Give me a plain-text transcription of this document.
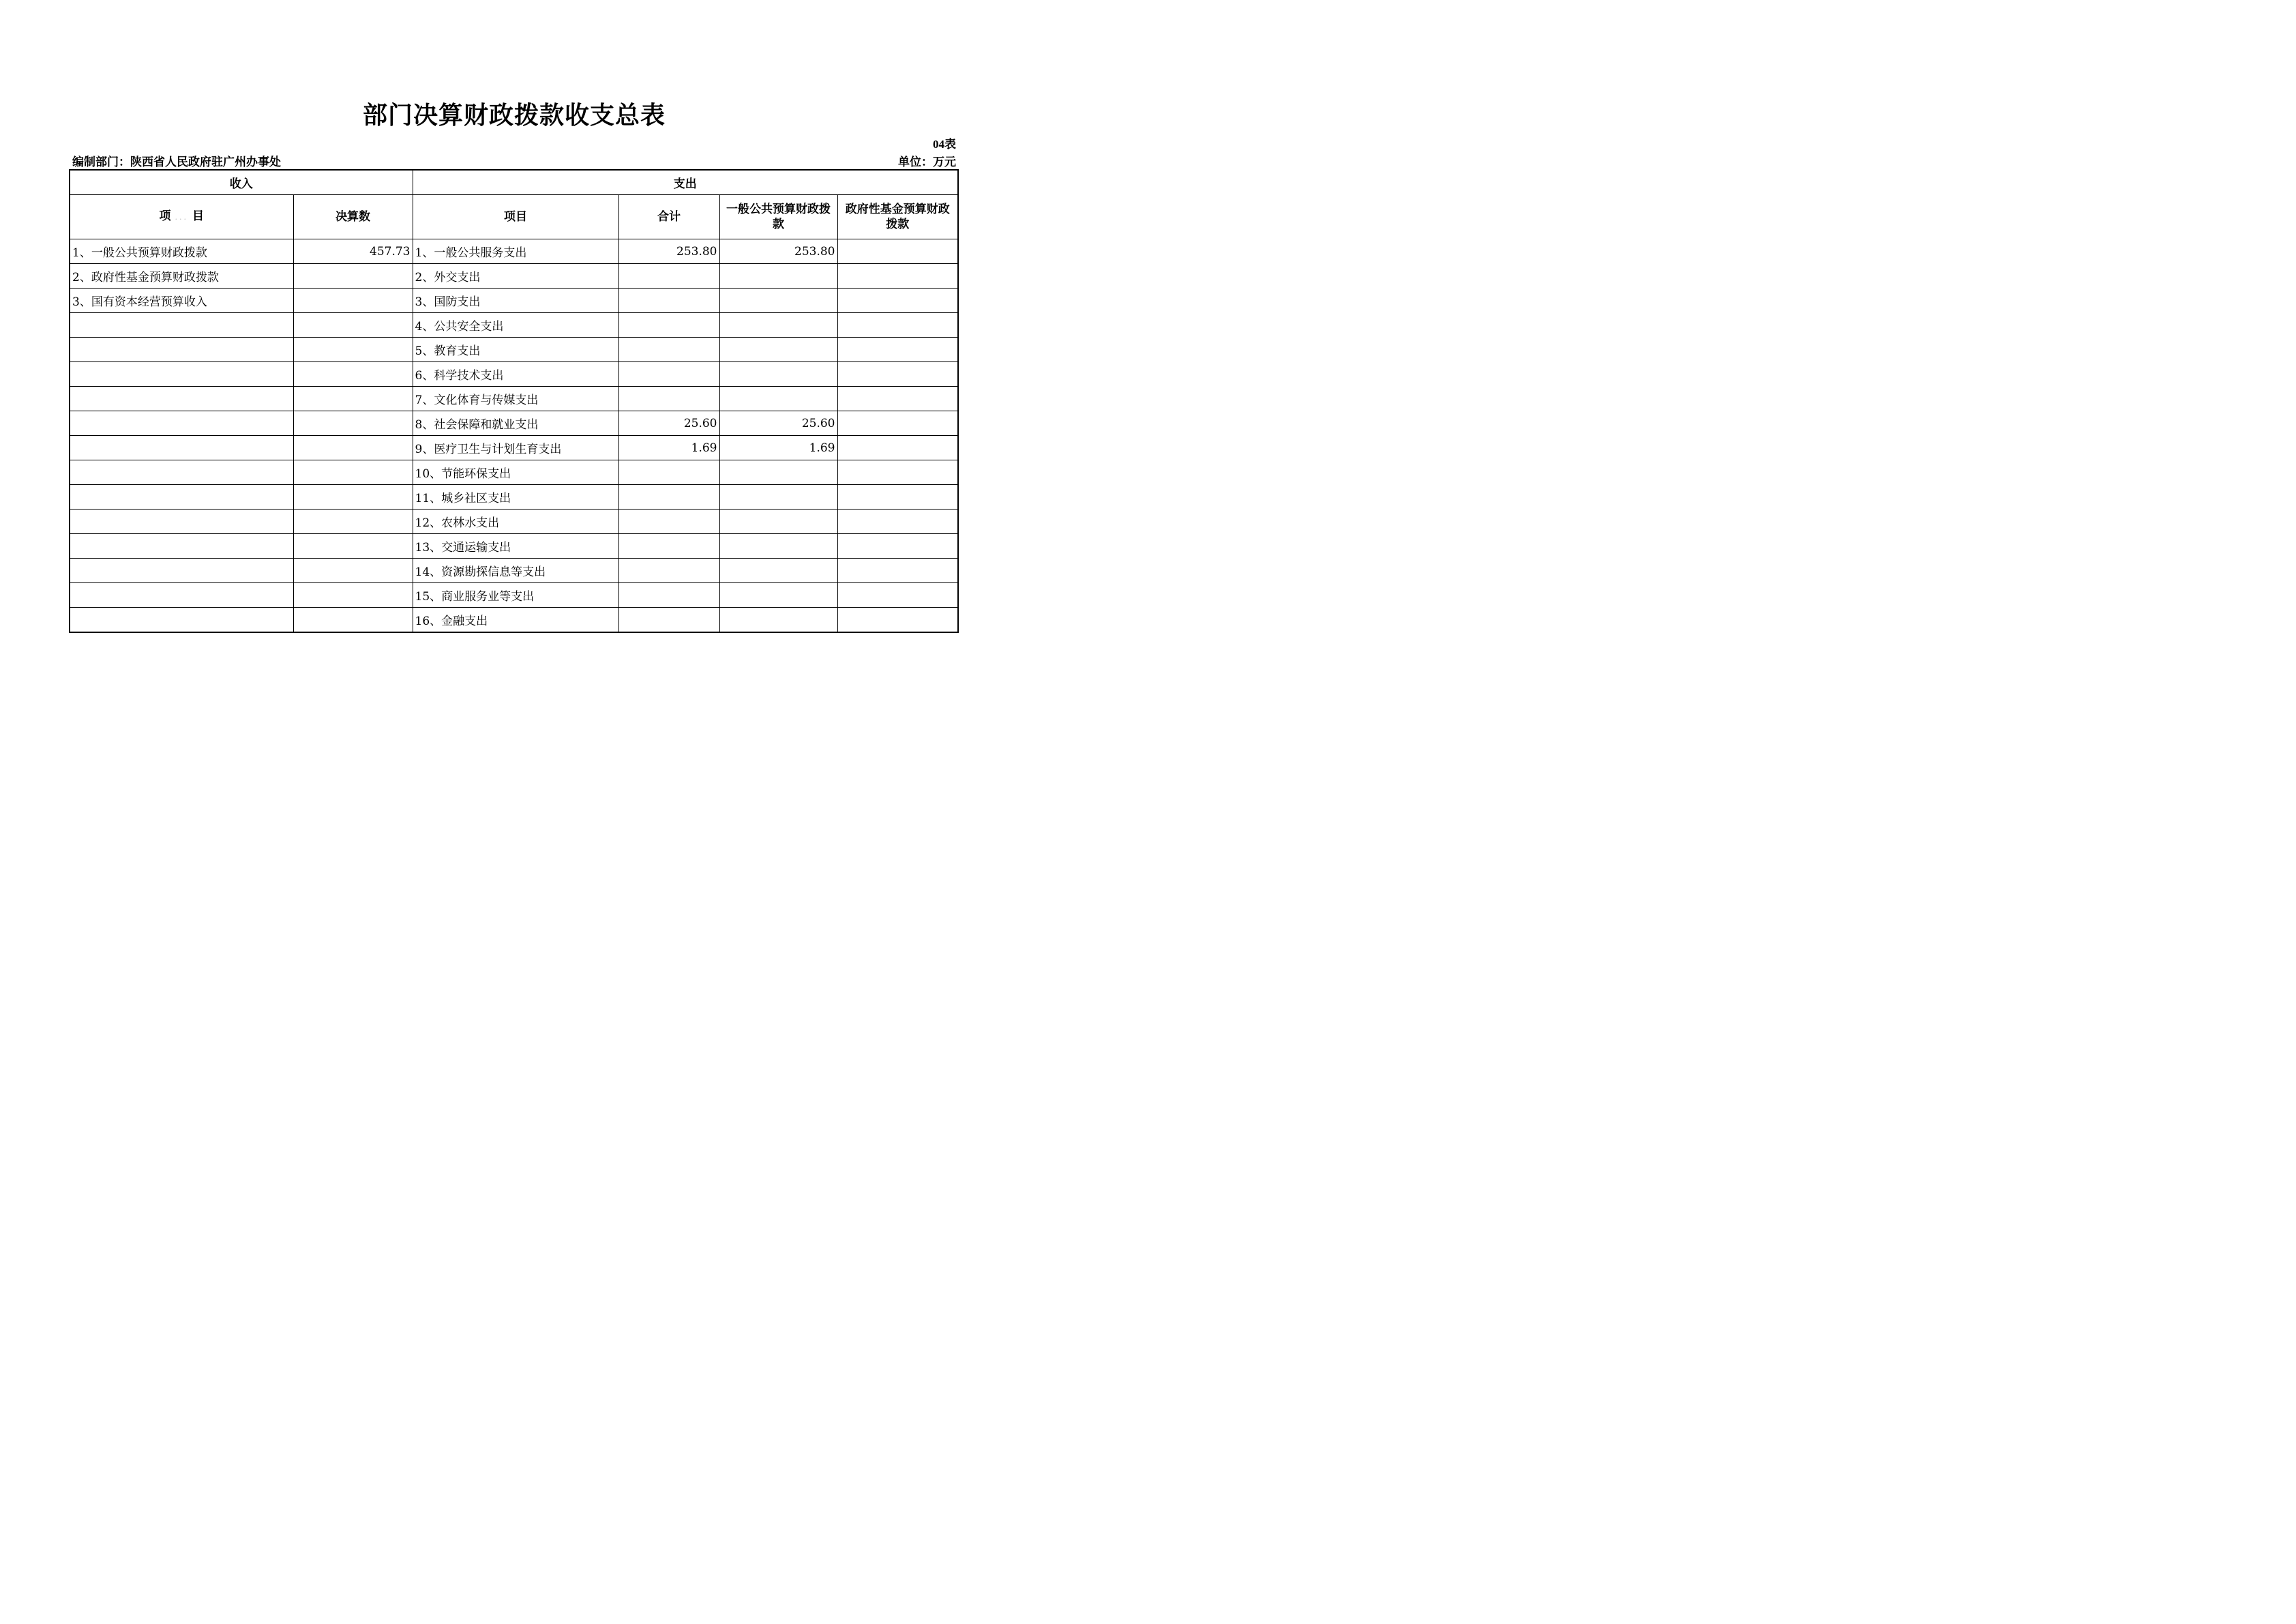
部门决算财政拨款收支总表
04表
编制部门：陕西省人民政府驻广州办事处	单位：万元
收入		支出			
项 ... 目	决算数	项目	合计	一般公共预算财政拨款	政府性基金预算财政拨款
1、一般公共预算财政拨款	457.73	1、一般公共服务支出	253.80	253.80	
2、政府性基金预算财政拨款		2、外交支出			
3、国有资本经营预算收入		3、国防支出			
		4、公共安全支出			
		5、教育支出			
		6、科学技术支出			
		7、文化体育与传媒支出			
		8、社会保障和就业支出	25.60	25.60	
		9、医疗卫生与计划生育支出	1.69	1.69	
		10、节能环保支出			
		11、城乡社区支出			
		12、农林水支出			
		13、交通运输支出			
		14、资源勘探信息等支出			
		15、商业服务业等支出			
		16、金融支出			
